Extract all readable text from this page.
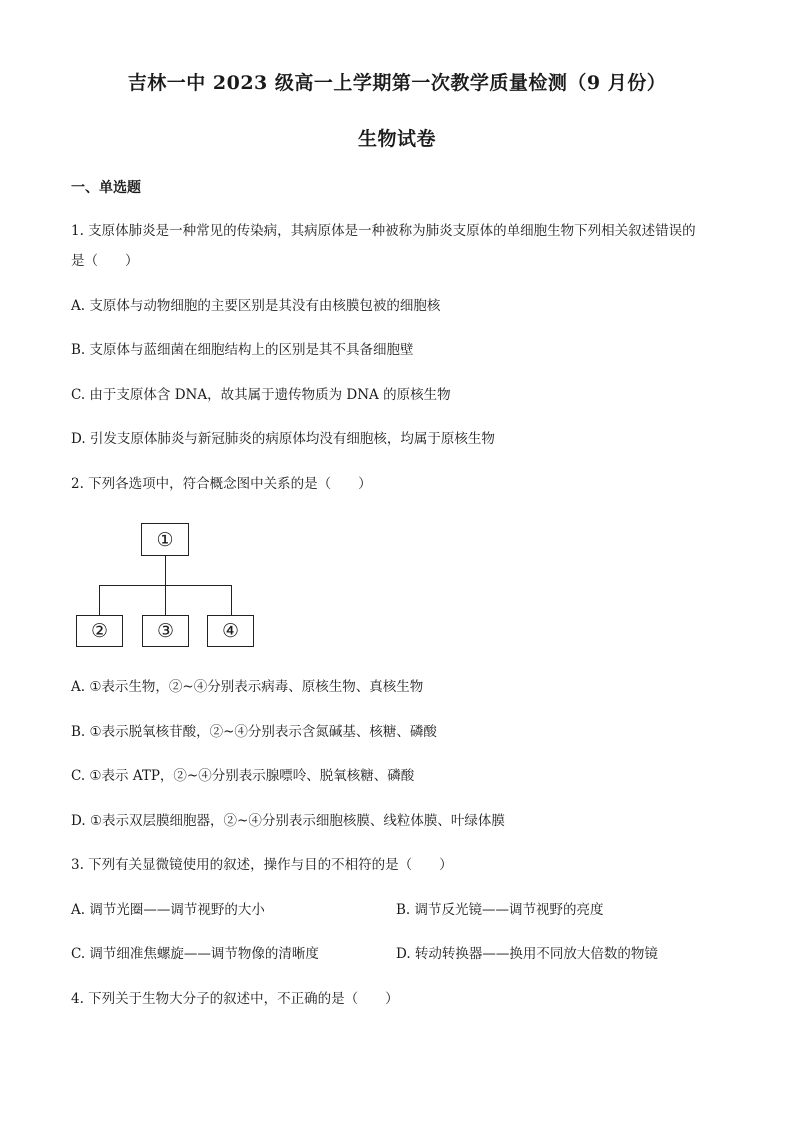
吉林一中 2023 级高一上学期第一次教学质量检测（9 月份）
生物试卷
一、单选题
1. 支原体肺炎是一种常见的传染病，其病原体是一种被称为肺炎支原体的单细胞生物下列相关叙述错误的
是（　　）
A. 支原体与动物细胞的主要区别是其没有由核膜包被的细胞核
B. 支原体与蓝细菌在细胞结构上的区别是其不具备细胞壁
C. 由于支原体含 DNA，故其属于遗传物质为 DNA 的原核生物
D. 引发支原体肺炎与新冠肺炎的病原体均没有细胞核，均属于原核生物
2. 下列各选项中，符合概念图中关系的是（　　）
①
②	③	④
A. ①表示生物，②~④分别表示病毒、原核生物、真核生物
B. ①表示脱氧核苷酸，②~④分别表示含氮碱基、核糖、磷酸
C. ①表示 ATP，②~④分别表示腺嘌呤、脱氧核糖、磷酸
D. ①表示双层膜细胞器，②~④分别表示细胞核膜、线粒体膜、叶绿体膜
3. 下列有关显微镜使用的叙述，操作与目的不相符的是（　　）
A. 调节光圈——调节视野的大小	B. 调节反光镜——调节视野的亮度
C. 调节细准焦螺旋——调节物像的清晰度	D. 转动转换器——换用不同放大倍数的物镜
4. 下列关于生物大分子的叙述中，不正确的是（　　）
